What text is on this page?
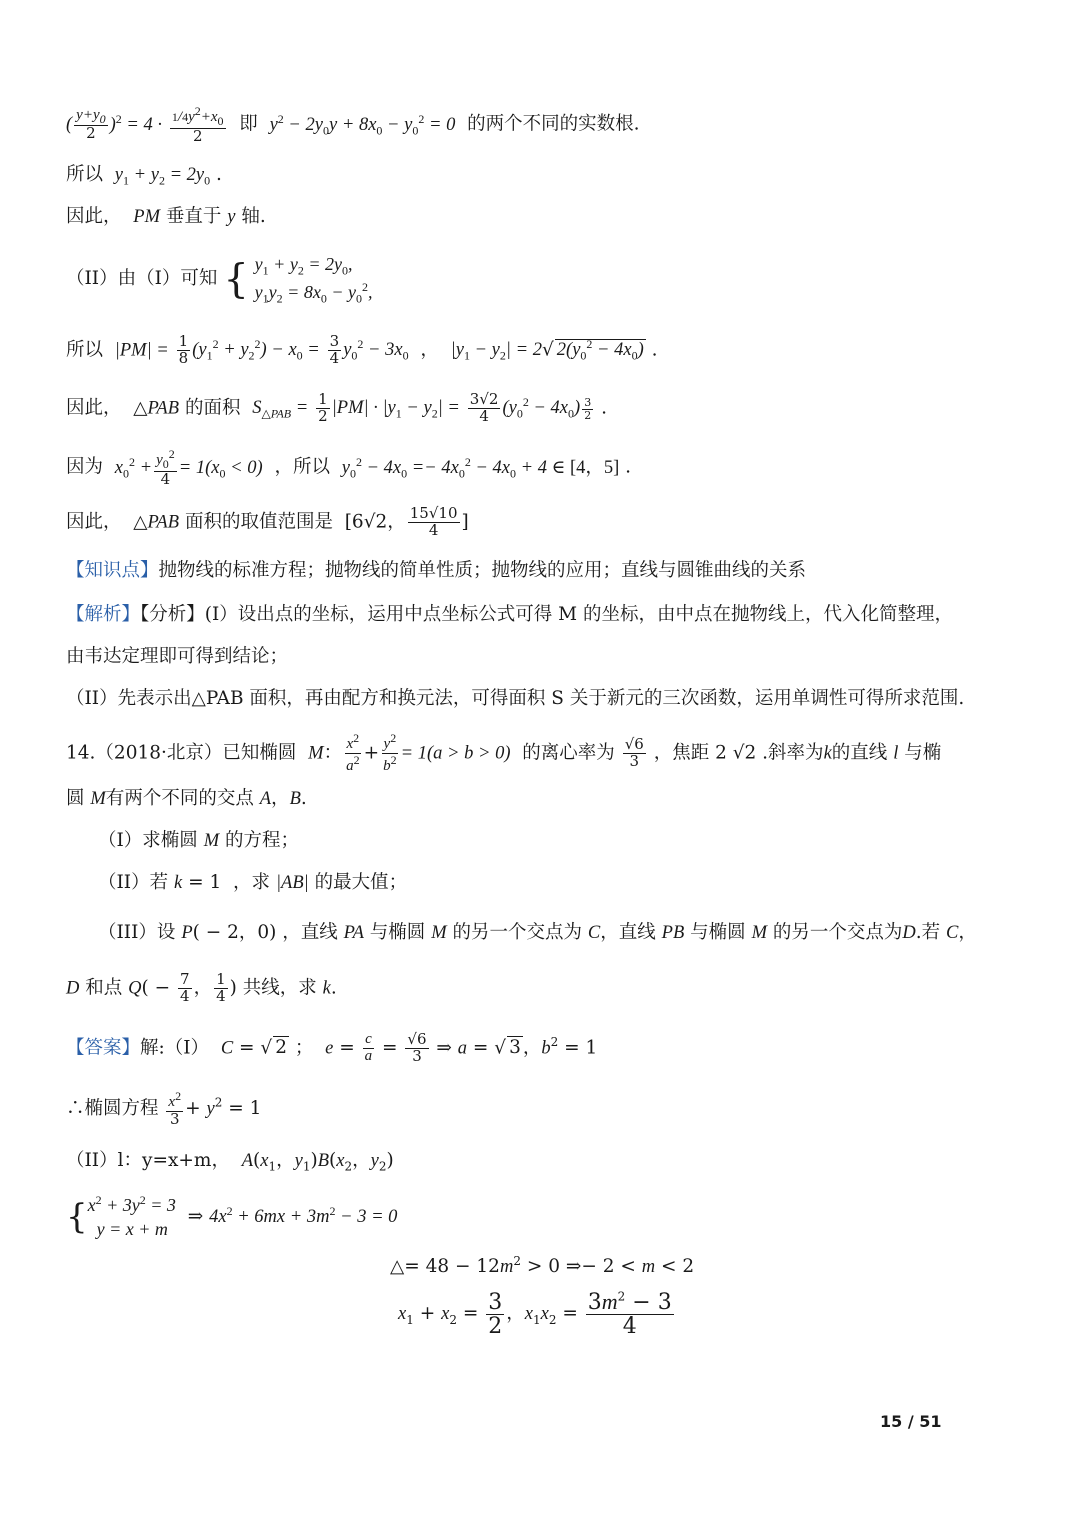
( $\frac{y+y_0}{2} )^2 = 4 \cdot \frac{1/4y^2+x_0}{2}$ 即 $y^2 - 2y_0y + 8x_0 - y_0^2 = 0$ 的两个不同的实数根.
所以 $y_1 + y_2 = 2y_0$ .
因此， PM 垂直于 y 轴.
（II）由（I）可知 { $y_1 + y_2 = 2y_0$,
$y_1y_2 = 8x_0 - y_0^2$,
所以 $|PM| = \frac{1}{8} (y_1^2 + y_2^2) - x_0 = \frac{3}{4} y_0^2 - 3x_0$  ，  $|y_1 - y_2| = 2√$ $2(y_0^2 - 4x_0)$ .
因此， △PAB 的面积 $S_{\triangle PAB} = \frac{1}{2} |PM| \cdot |y_1 - y_2| = \frac{3√2}{4} (y_0^2 - 4x_0) \frac{3}{2}$ .
因为 $x_0^2 + \frac{y_0^2}{4} = 1(x_0 < 0)$ ，所以 $y_0^2 - 4x_0 =- 4x_0^2 - 4x_0 + 4$ ∈ [4，5] .
因此， △PAB 面积的取值范围是 [6√2， $\frac{15√10}{4}$ ]
【知识点】抛物线的标准方程；抛物线的简单性质；抛物线的应用；直线与圆锥曲线的关系
【解析】【分析】(I）设出点的坐标，运用中点坐标公式可得 M 的坐标，由中点在抛物线上，代入化简整理，
由韦达定理即可得到结论；
（II）先表示出△PAB 面积，再由配方和换元法，可得面积 S 关于新元的三次函数，运用单调性可得所求范围.
14.（2018·北京）已知椭圆 M： $\frac{x^2}{a^2} + \frac{y^2}{b^2} = 1(a > b > 0)$ 的离心率为 $\frac{√6}{3}$ ，焦距 2 √2 .斜率为k的直线 l 与椭
圆 M有两个不同的交点 A，B.
（I）求椭圆 M 的方程；
（II）若 k = 1  ，求 |AB| 的最大值；
（III）设 P( − 2，0) ，直线 PA 与椭圆 M 的另一个交点为 C，直线 PB 与椭圆 M 的另一个交点为D.若 C，
D 和点 $Q( - \frac{7}{4}$ ， $\frac{1}{4}$ ) 共线，求 k.
【答案】解:（I） C = √ 2 ；  $e = \frac{c}{a} = \frac{√6}{3}$ ⇒ a = √ 3 ，$b^2 = 1$
∴椭圆方程 $\frac{x^2}{3} + y^2 = 1$
（II）l：y=x+m， $A(x_1$，$y_1)B(x_2$，$y_2$)
{ $x^2 + 3y^2 = 3$
y = x + m
⇒ $4x^2 + 6mx + 3m^2 - 3 = 0$
△= $48 - 12m^2 > 0$ ⇒− 2 < m < 2
$x_1 + x_2 = \frac{3}{2}$ ，$x_1x_2 = \frac{3m^2 - 3}{4}$
15 / 51
